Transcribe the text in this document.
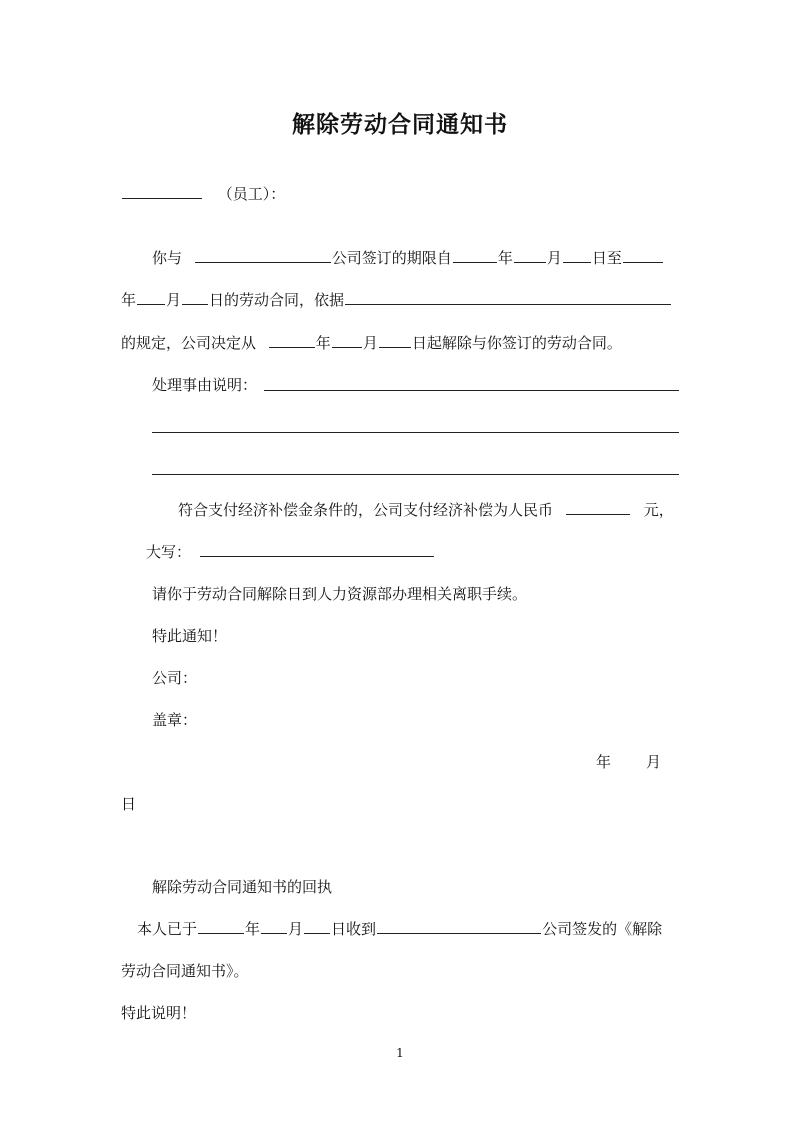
解除劳动合同通知书
（员工）：
你与	公司签订的期限自	年 月 日至
年 月 日的劳动合同，依据
的规定，公司决定从	年 月 日起解除与你签订的劳动合同。
处理事由说明：
符合支付经济补偿金条件的，公司支付经济补偿为人民币	元，
大写：
请你于劳动合同解除日到人力资源部办理相关离职手续。
特此通知！
公司：
盖章：
年 月
日
解除劳动合同通知书的回执
本人已于	年 月 日收到	公司签发的《解除
劳动合同通知书》。
特此说明！
1
